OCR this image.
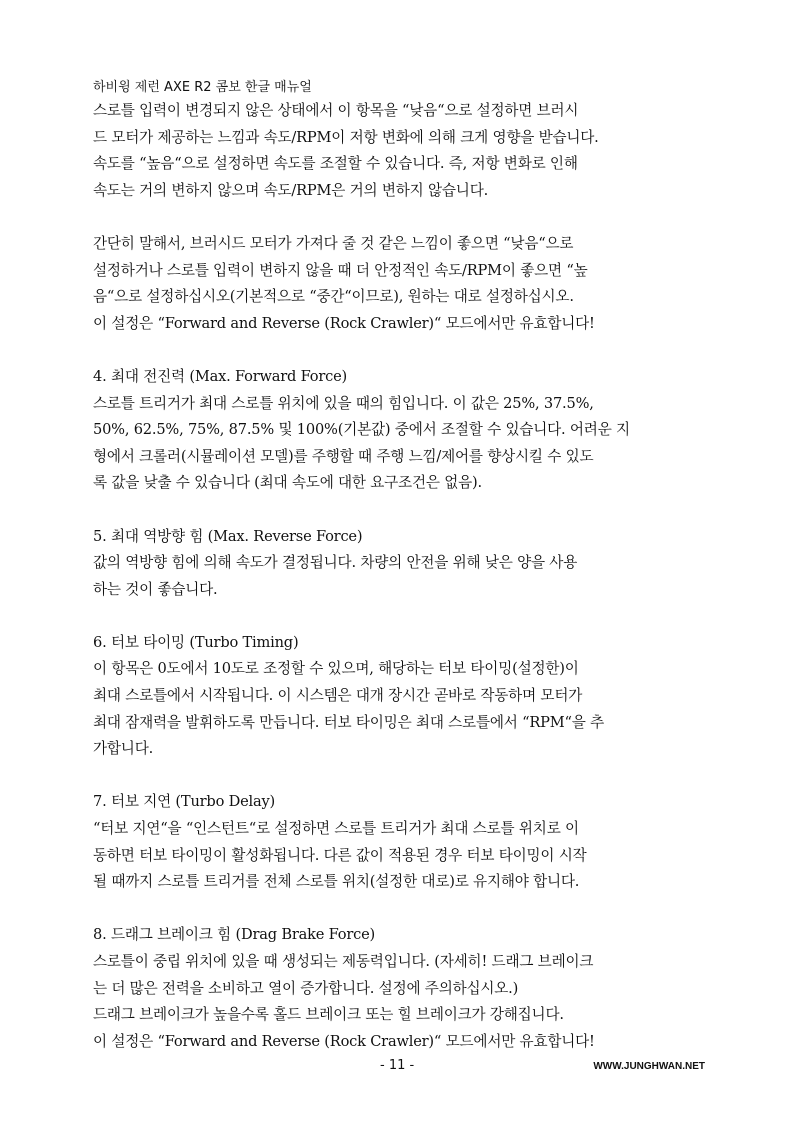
하비윙 제런 AXE R2 콤보 한글 매뉴얼
스로틀 입력이 변경되지 않은 상태에서 이 항목을 “낮음“으로 설정하면 브러시
드 모터가 제공하는 느낌과 속도/RPM이 저항 변화에 의해 크게 영향을 받습니다.
속도를 “높음“으로 설정하면 속도를 조절할 수 있습니다. 즉, 저항 변화로 인해
속도는 거의 변하지 않으며 속도/RPM은 거의 변하지 않습니다.
간단히 말해서, 브러시드 모터가 가져다 줄 것 같은 느낌이 좋으면 “낮음“으로
설정하거나 스로틀 입력이 변하지 않을 때 더 안정적인 속도/RPM이 좋으면 “높
음“으로 설정하십시오(기본적으로 “중간“이므로), 원하는 대로 설정하십시오.
이 설정은 “Forward and Reverse (Rock Crawler)“ 모드에서만 유효합니다!
4. 최대 전진력 (Max. Forward Force)
스로틀 트리거가 최대 스로틀 위치에 있을 때의 힘입니다. 이 값은 25%, 37.5%,
50%, 62.5%, 75%, 87.5% 및 100%(기본값) 중에서 조절할 수 있습니다. 어려운 지
형에서 크롤러(시뮬레이션 모델)를 주행할 때 주행 느낌/제어를 향상시킬 수 있도
록 값을 낮출 수 있습니다 (최대 속도에 대한 요구조건은 없음).
5. 최대 역방향 힘 (Max. Reverse Force)
값의 역방향 힘에 의해 속도가 결정됩니다. 차량의 안전을 위해 낮은 양을 사용
하는 것이 좋습니다.
6. 터보 타이밍 (Turbo Timing)
이 항목은 0도에서 10도로 조정할 수 있으며, 해당하는 터보 타이밍(설정한)이
최대 스로틀에서 시작됩니다. 이 시스템은 대개 장시간 곧바로 작동하며 모터가
최대 잠재력을 발휘하도록 만듭니다. 터보 타이밍은 최대 스로틀에서 “RPM“을 추
가합니다.
7. 터보 지연 (Turbo Delay)
“터보 지연“을 “인스턴트“로 설정하면 스로틀 트리거가 최대 스로틀 위치로 이
동하면 터보 타이밍이 활성화됩니다. 다른 값이 적용된 경우 터보 타이밍이 시작
될 때까지 스로틀 트리거를 전체 스로틀 위치(설정한 대로)로 유지해야 합니다.
8. 드래그 브레이크 힘 (Drag Brake Force)
스로틀이 중립 위치에 있을 때 생성되는 제동력입니다. (자세히! 드래그 브레이크
는 더 많은 전력을 소비하고 열이 증가합니다. 설정에 주의하십시오.)
드래그 브레이크가 높을수록 홀드 브레이크 또는 힐 브레이크가 강해집니다.
이 설정은 “Forward and Reverse (Rock Crawler)“ 모드에서만 유효합니다!
- 11 -	WWW.JUNGHWAN.NET
